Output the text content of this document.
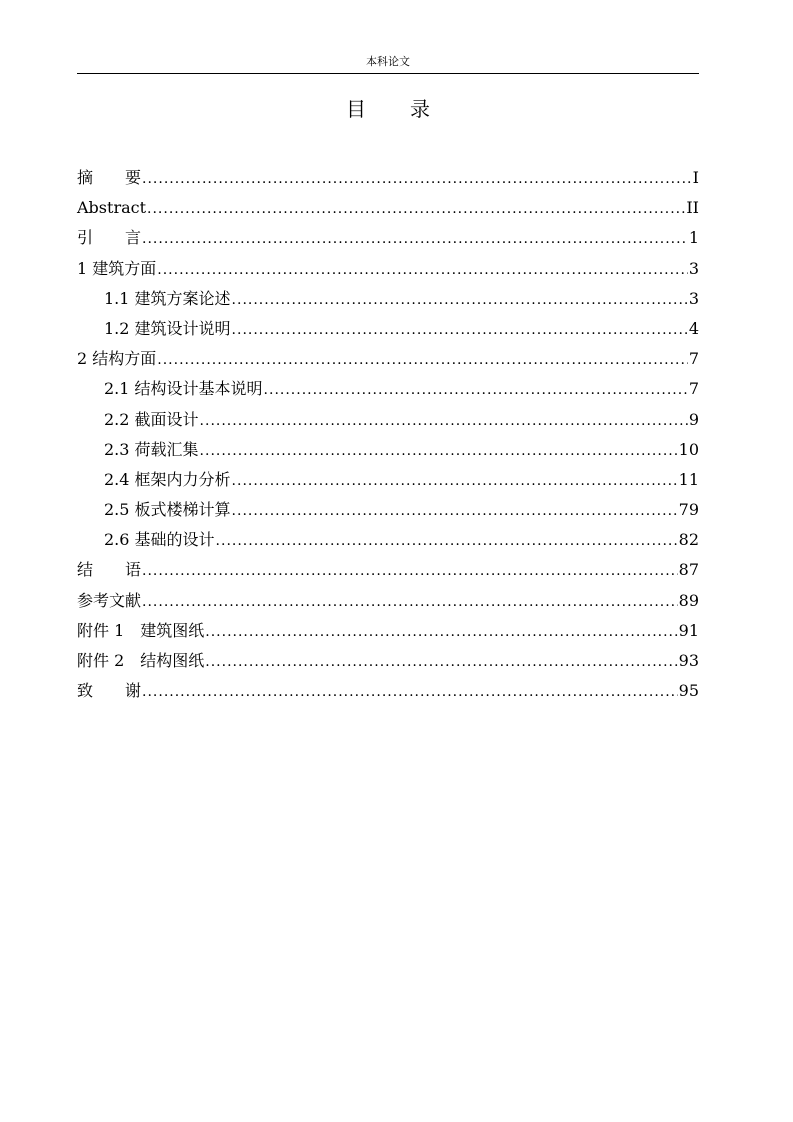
本科论文
目 录
摘　　要 .....	I
Abstract .....	II
引　　言 .....	1
1 建筑方面 .....	3
1.1 建筑方案论述 .....	3
1.2 建筑设计说明 .....	4
2 结构方面 .....	7
2.1 结构设计基本说明 .....	7
2.2 截面设计 .....	9
2.3 荷载汇集 .....	10
2.4 框架内力分析 .....	11
2.5 板式楼梯计算 .....	79
2.6 基础的设计 .....	82
结　　语 .....	87
参考文献 .....	89
附件 1　建筑图纸 .....	91
附件 2　结构图纸 .....	93
致　　谢 .....	95
